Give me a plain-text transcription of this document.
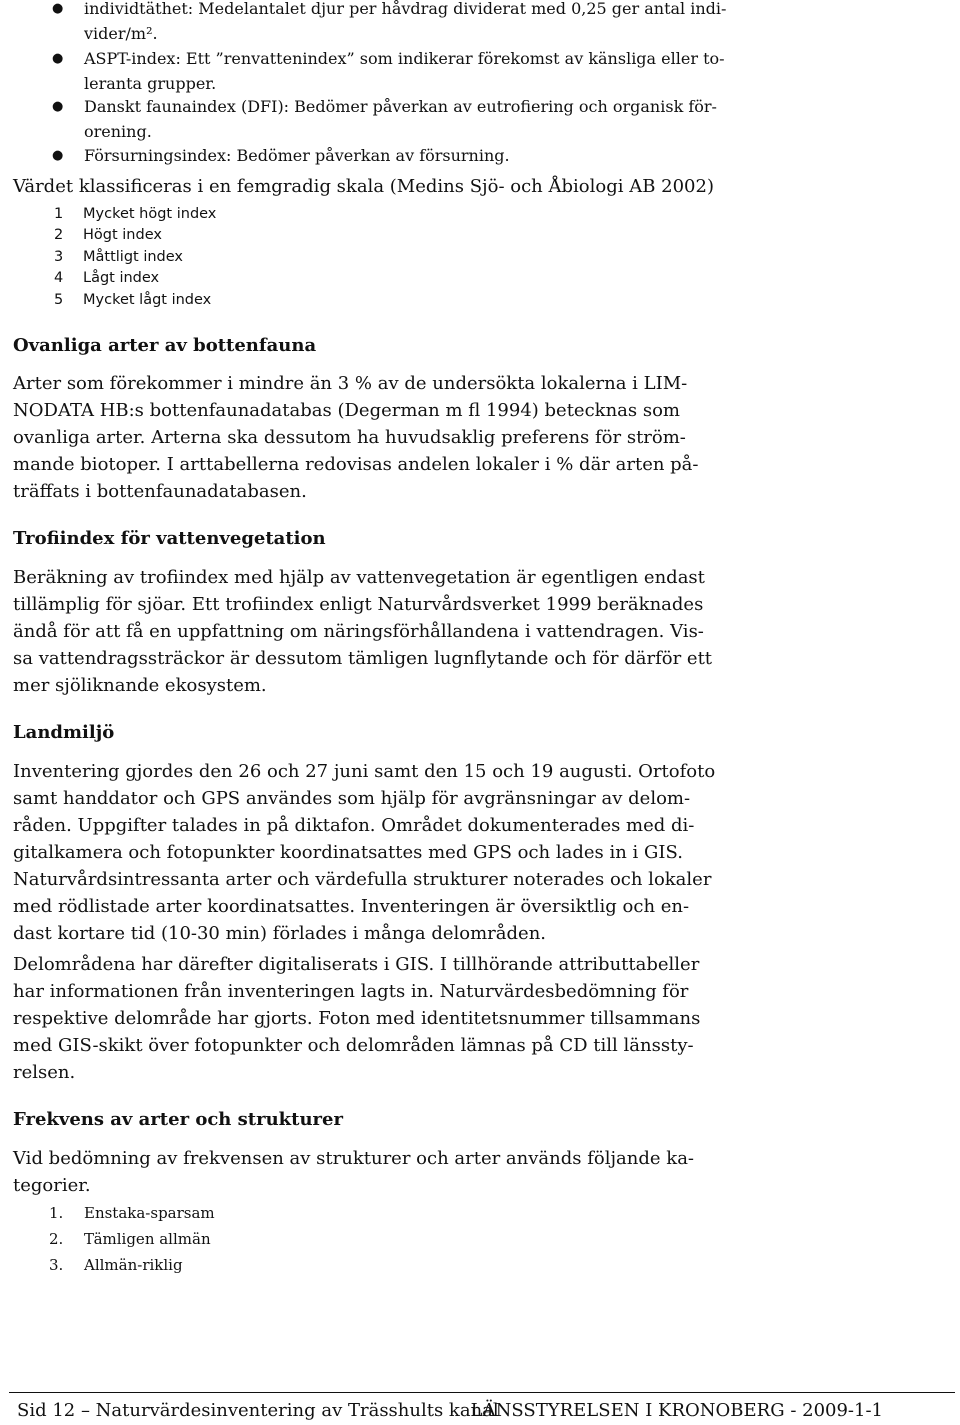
● individtäthet: Medelantalet djur per håvdrag dividerat med 0,25 ger antal indi-
vider/m².
● ASPT-index: Ett ”renvattenindex” som indikerar förekomst av känsliga eller to-
leranta grupper.
● Danskt faunaindex (DFI): Bedömer påverkan av eutrofiering och organisk för-
orening.
● Försurningsindex: Bedömer påverkan av försurning.
Värdet klassificeras i en femgradig skala (Medins Sjö- och Åbiologi AB 2002)
1 Mycket högt index
2 Högt index
3 Måttligt index
4 Lågt index
5 Mycket lågt index
Ovanliga arter av bottenfauna
Arter som förekommer i mindre än 3 % av de undersökta lokalerna i LIM-
NODATA HB:s bottenfaunadatabas (Degerman m fl 1994) betecknas som
ovanliga arter. Arterna ska dessutom ha huvudsaklig preferens för ström-
mande biotoper. I arttabellerna redovisas andelen lokaler i % där arten på-
träffats i bottenfaunadatabasen.
Trofiindex för vattenvegetation
Beräkning av trofiindex med hjälp av vattenvegetation är egentligen endast
tillämplig för sjöar. Ett trofiindex enligt Naturvårdsverket 1999 beräknades
ändå för att få en uppfattning om näringsförhållandena i vattendragen. Vis-
sa vattendragssträckor är dessutom tämligen lugnflytande och för därför ett
mer sjöliknande ekosystem.
Landmiljö
Inventering gjordes den 26 och 27 juni samt den 15 och 19 augusti. Ortofoto
samt handdator och GPS användes som hjälp för avgränsningar av delom-
råden. Uppgifter talades in på diktafon. Området dokumenterades med di-
gitalkamera och fotopunkter koordinatsattes med GPS och lades in i GIS.
Naturvårdsintressanta arter och värdefulla strukturer noterades och lokaler
med rödlistade arter koordinatsattes. Inventeringen är översiktlig och en-
dast kortare tid (10-30 min) förlades i många delområden.
Delområdena har därefter digitaliserats i GIS. I tillhörande attributtabeller
har informationen från inventeringen lagts in. Naturvärdesbedömning för
respektive delområde har gjorts. Foton med identitetsnummer tillsammans
med GIS-skikt över fotopunkter och delområden lämnas på CD till länssty-
relsen.
Frekvens av arter och strukturer
Vid bedömning av frekvensen av strukturer och arter används följande ka-
tegorier.
1. Enstaka-sparsam
2. Tämligen allmän
3. Allmän-riklig
Sid 12 – Naturvärdesinventering av Trässhults kanal
LÄNSSTYRELSEN I KRONOBERG - 2009-1-1
